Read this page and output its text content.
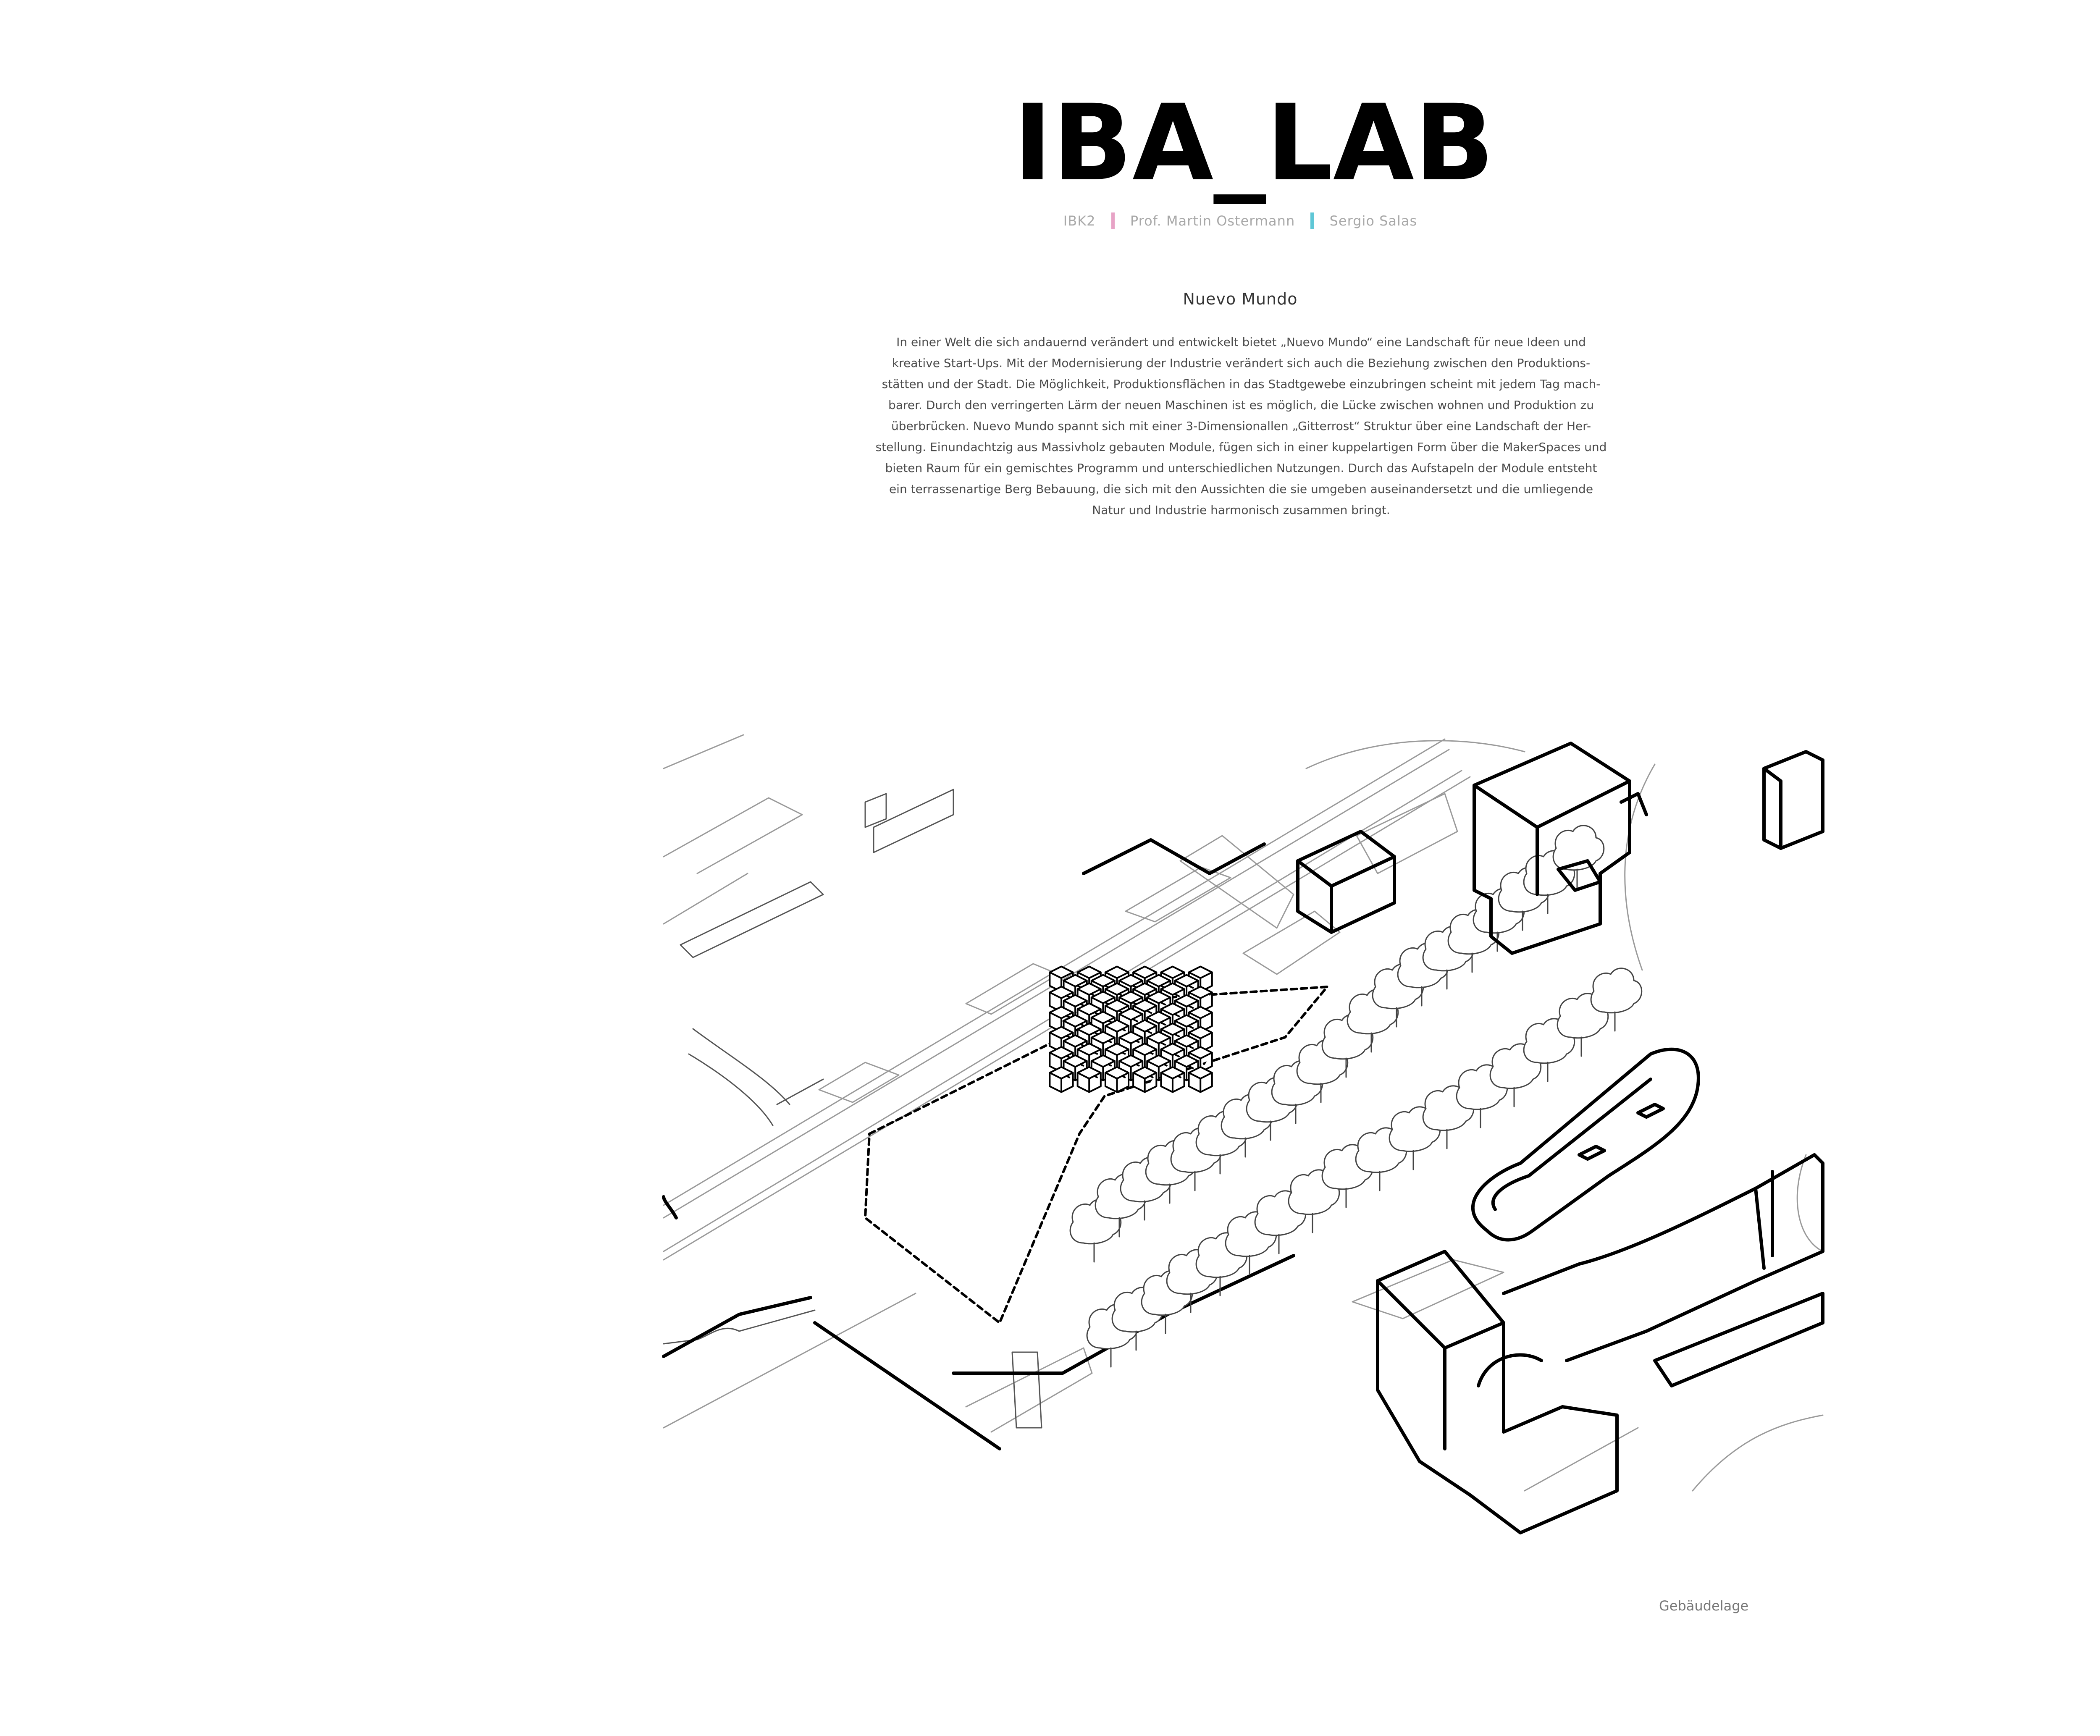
IBA_LAB
IBK2	Prof. Martin Ostermann	Sergio Salas
Nuevo Mundo
In einer Welt die sich andauernd verändert und entwickelt bietet „Nuevo Mundo“ eine Landschaft für neue Ideen und
kreative Start-Ups. Mit der Modernisierung der Industrie verändert sich auch die Beziehung zwischen den Produktions-
stätten und der Stadt. Die Möglichkeit, Produktionsflächen in das Stadtgewebe einzubringen scheint mit jedem Tag mach-
barer. Durch den verringerten Lärm der neuen Maschinen ist es möglich, die Lücke zwischen wohnen und Produktion zu
überbrücken. Nuevo Mundo spannt sich mit einer 3-Dimensionallen „Gitterrost“ Struktur über eine Landschaft der Her-
stellung. Einundachtzig aus Massivholz gebauten Module, fügen sich in einer kuppelartigen Form über die MakerSpaces und
bieten Raum für ein gemischtes Programm und unterschiedlichen Nutzungen. Durch das Aufstapeln der Module entsteht
ein terrassenartige Berg Bebauung, die sich mit den Aussichten die sie umgeben auseinandersetzt und die umliegende
Natur und Industrie harmonisch zusammen bringt.
Gebäudelage
